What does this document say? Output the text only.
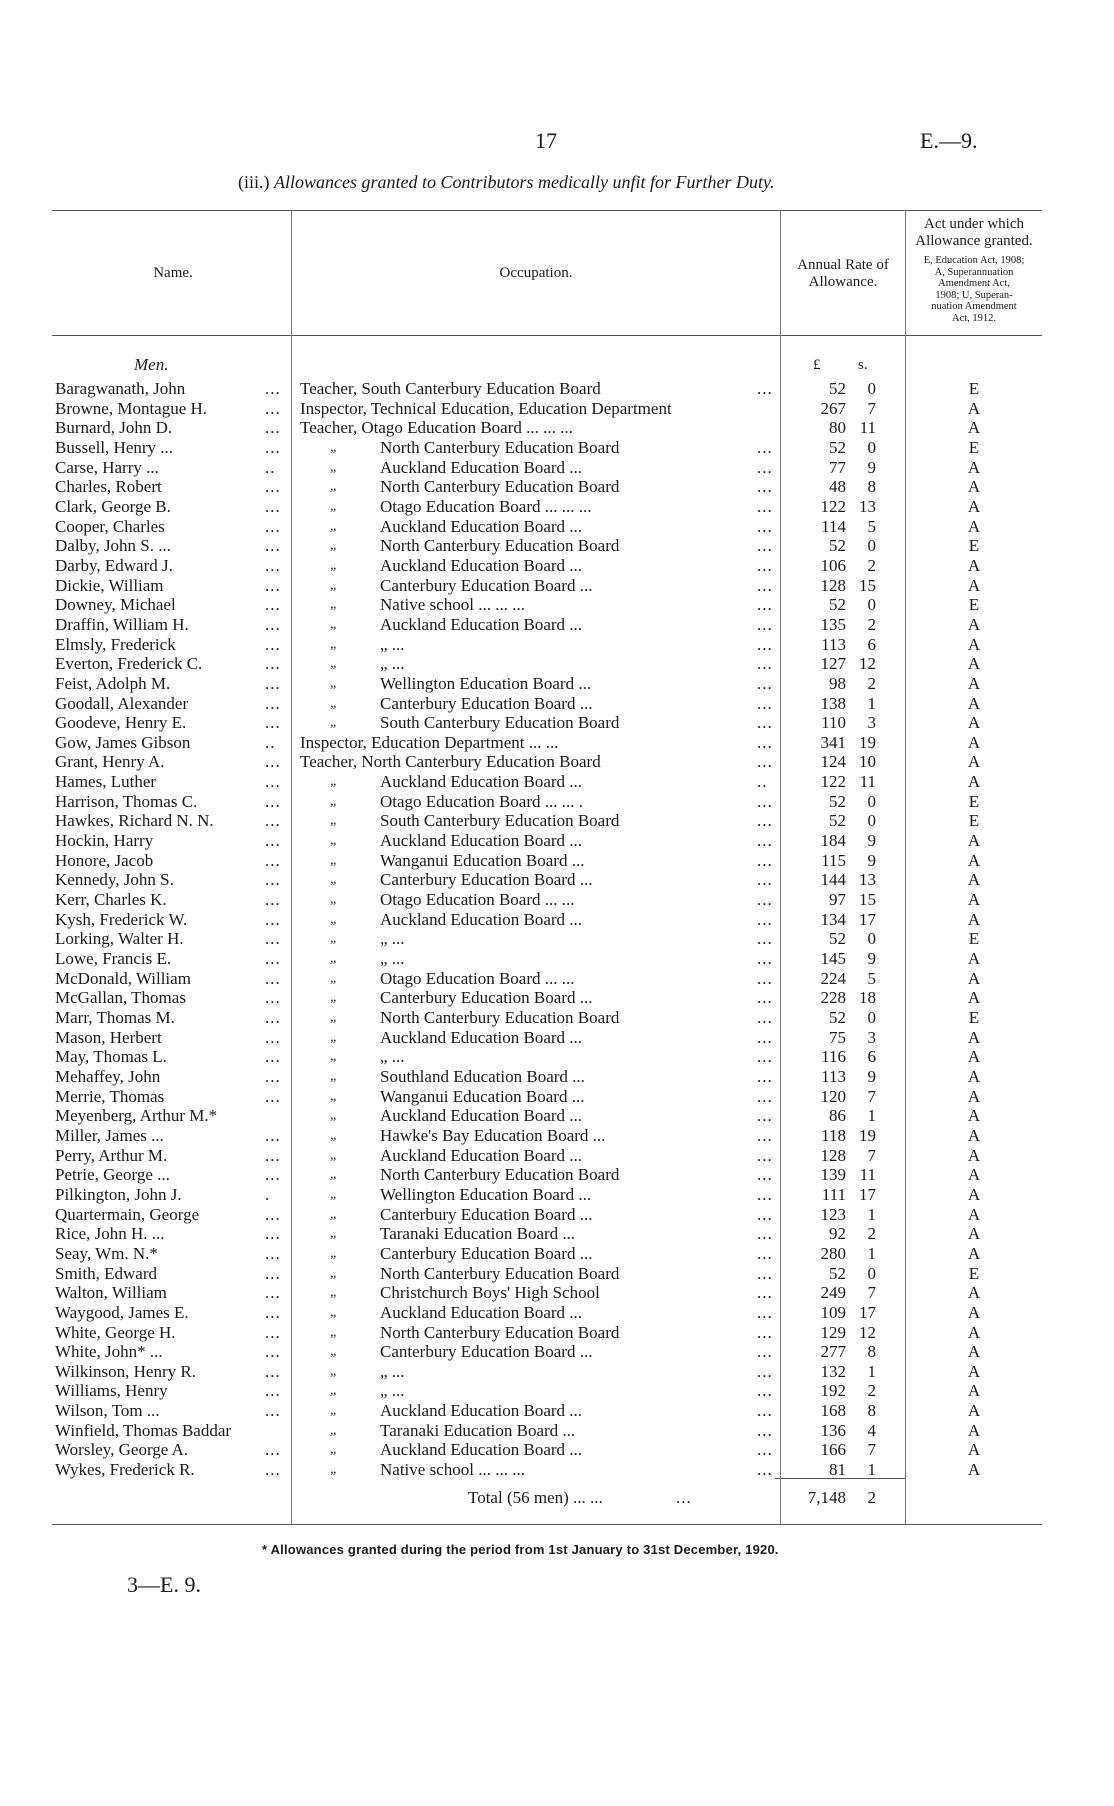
17	E.—9.
(iii.) Allowances granted to Contributors medically unfit for Further Duty.
Name.	Occupation.	Annual Rate of
Allowance.
Act under which
Allowance granted.
E, Education Act, 1908;
A, Superannuation
Amendment Act,
1908; U, Superan-
nuation Amendment
Act, 1912.
Men.	£	s.
Baragwanath, John	... Teacher, South Canterbury Education Board	...	52	0	E
Browne, Montague H.	... Inspector, Technical Education, Education Department	267	7	A
Burnard, John D.	... Teacher, Otago Education Board ... ... ...	80 11	A
Bussell, Henry ...	...	„ North Canterbury Education Board	...	52	0	E
Carse, Harry ...	..	„ Auckland Education Board ...	...	77	9	A
Charles, Robert	...	„ North Canterbury Education Board	...	48	8	A
Clark, George B.	...	„ Otago Education Board ... ... ...	...	122 13	A
Cooper, Charles	...	„ Auckland Education Board ...	...	114	5	A
Dalby, John S. ...	...	„ North Canterbury Education Board	...	52	0	E
Darby, Edward J.	...	„ Auckland Education Board ...	...	106	2	A
Dickie, William	...	„ Canterbury Education Board ...	...	128 15	A
Downey, Michael	...	„ Native school ... ... ...	...	52	0	E
Draffin, William H.	...	„ Auckland Education Board ...	...	135	2	A
Elmsly, Frederick	...	„ „ ...	...	113	6	A
Everton, Frederick C.	...	„ „ ...	...	127 12	A
Feist, Adolph M.	...	„ Wellington Education Board ...	...	98	2	A
Goodall, Alexander	...	„ Canterbury Education Board ...	...	138	1	A
Goodeve, Henry E.	...	„ South Canterbury Education Board	...	110	3	A
Gow, James Gibson	.. Inspector, Education Department ... ...	...	341 19	A
Grant, Henry A.	... Teacher, North Canterbury Education Board	...	124 10	A
Hames, Luther	...	„ Auckland Education Board ...	..	122 11	A
Harrison, Thomas C.	...	„ Otago Education Board ... ... .	...	52	0	E
Hawkes, Richard N. N.	...	„ South Canterbury Education Board	...	52	0	E
Hockin, Harry	...	„ Auckland Education Board ...	...	184	9	A
Honore, Jacob	...	„ Wanganui Education Board ...	...	115	9	A
Kennedy, John S.	...	„ Canterbury Education Board ...	...	144 13	A
Kerr, Charles K.	...	„ Otago Education Board ... ...	...	97 15	A
Kysh, Frederick W.	...	„ Auckland Education Board ...	...	134 17	A
Lorking, Walter H.	...	„ „ ...	...	52	0	E
Lowe, Francis E.	...	„ „ ...	...	145	9	A
McDonald, William	...	„ Otago Education Board ... ...	...	224	5	A
McGallan, Thomas	...	„ Canterbury Education Board ...	...	228 18	A
Marr, Thomas M.	...	„ North Canterbury Education Board	...	52	0	E
Mason, Herbert	...	„ Auckland Education Board ...	...	75	3	A
May, Thomas L.	...	„ „ ...	...	116	6	A
Mehaffey, John	...	„ Southland Education Board ...	...	113	9	A
Merrie, Thomas	...	„ Wanganui Education Board ...	...	120	7	A
Meyenberg, Arthur M.*	„ Auckland Education Board ...	...	86	1	A
Miller, James ...	...	„ Hawke's Bay Education Board ...	...	118 19	A
Perry, Arthur M.	...	„ Auckland Education Board ...	...	128	7	A
Petrie, George ...	...	„ North Canterbury Education Board	...	139 11	A
Pilkington, John J.	.	„ Wellington Education Board ...	...	111 17	A
Quartermain, George	...	„ Canterbury Education Board ...	...	123	1	A
Rice, John H. ...	...	„ Taranaki Education Board ...	...	92	2	A
Seay, Wm. N.*	...	„ Canterbury Education Board ...	...	280	1	A
Smith, Edward	...	„ North Canterbury Education Board	...	52	0	E
Walton, William	...	„ Christchurch Boys' High School	...	249	7	A
Waygood, James E.	...	„ Auckland Education Board ...	...	109 17	A
White, George H.	...	„ North Canterbury Education Board	...	129 12	A
White, John* ...	...	„ Canterbury Education Board ...	...	277	8	A
Wilkinson, Henry R.	...	„ „ ...	...	132	1	A
Williams, Henry	...	„ „ ...	...	192	2	A
Wilson, Tom ...	...	„ Auckland Education Board ...	...	168	8	A
Winfield, Thomas Baddar	„ Taranaki Education Board ...	...	136	4	A
Worsley, George A.	...	„ Auckland Education Board ...	...	166	7	A
Wykes, Frederick R.	...	„ Native school ... ... ...	...	81	1	A
Total (56 men) ... ...	...	7,148	2
* Allowances granted during the period from 1st January to 31st December, 1920.
3—E. 9.
